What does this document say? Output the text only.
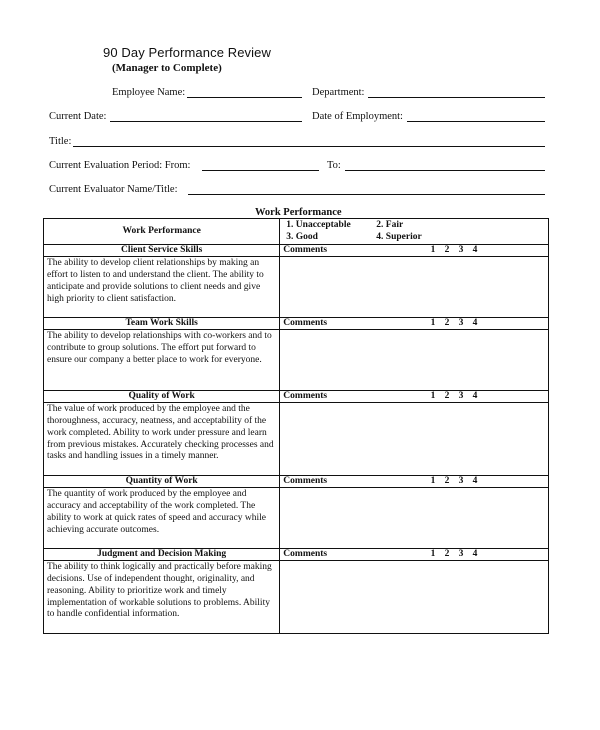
90 Day Performance Review
(Manager to Complete)
Employee Name:	Department:
Current Date:	Date of Employment:
Title:
Current Evaluation Period: From:	To:
Current Evaluator Name/Title:
Work Performance
Work Performance	1. Unacceptable 2. Fair
3. Good 4. Superior

Client Service Skills	Comments 1 2 3 4

The ability to develop client relationships by making an effort to listen to and understand the client. The ability to anticipate and provide solutions to client needs and give high priority to client satisfaction.	
Team Work Skills	Comments 1 2 3 4

The ability to develop relationships with co-workers and to contribute to group solutions. The effort put forward to ensure our company a better place to work for everyone.	
Quality of Work	Comments 1 2 3 4

The value of work produced by the employee and the thoroughness, accuracy, neatness, and acceptability of the work completed. Ability to work under pressure and learn from previous mistakes. Accurately checking processes and tasks and handling issues in a timely manner.	
Quantity of Work	Comments 1 2 3 4

The quantity of work produced by the employee and accuracy and acceptability of the work completed. The ability to work at quick rates of speed and accuracy while achieving accurate outcomes.	
Judgment and Decision Making	Comments 1 2 3 4

The ability to think logically and practically before making decisions. Use of independent thought, originality, and reasoning. Ability to prioritize work and timely implementation of workable solutions to problems. Ability to handle confidential information.	
